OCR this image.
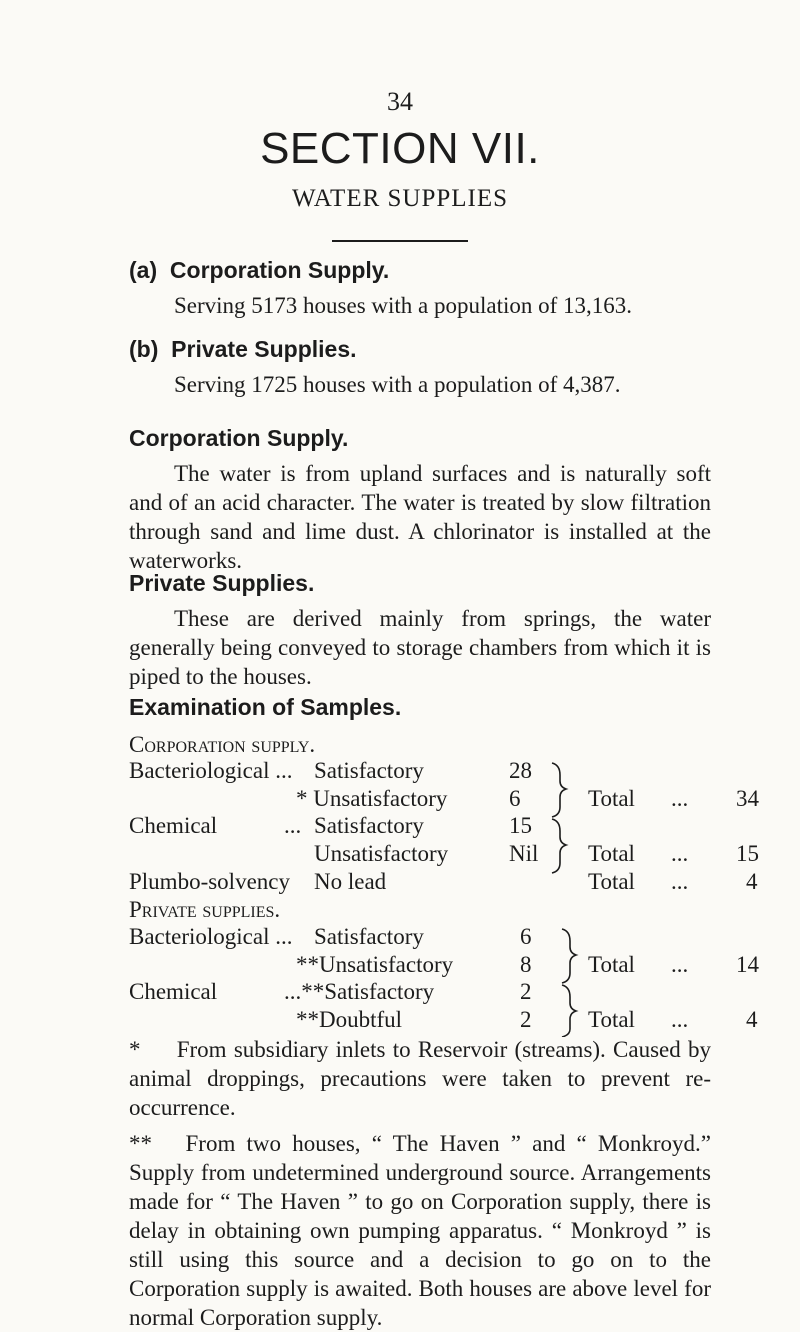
34
SECTION VII.
WATER SUPPLIES
(a) Corporation Supply.
Serving 5173 houses with a population of 13,163.
(b) Private Supplies.
Serving 1725 houses with a population of 4,387.
Corporation Supply.
The water is from upland surfaces and is naturally soft and of an acid character. The water is treated by slow filtration through sand and lime dust. A chlorinator is installed at the waterworks.
Private Supplies.
These are derived mainly from springs, the water generally being conveyed to storage chambers from which it is piped to the houses.
Examination of Samples.
Corporation supply.
Bacteriological ... Satisfactory	28
* Unsatisfactory	6	Total ... 34
Chemical	... Satisfactory	15
Unsatisfactory	Nil Total ... 15
Plumbo-solvency No lead	Total ...	4
Private supplies.
Bacteriological ... Satisfactory	6
**Unsatisfactory	8 Total ... 14
Chemical	...**Satisfactory	2
**Doubtful	2 Total ...	4
* From subsidiary inlets to Reservoir (streams). Caused by animal droppings, precautions were taken to prevent re-occurrence.
** From two houses, “ The Haven ” and “ Monkroyd.” Supply from undetermined underground source. Arrangements made for “ The Haven ” to go on Corporation supply, there is delay in obtaining own pumping apparatus. “ Monkroyd ” is still using this source and a decision to go on to the Corporation supply is awaited. Both houses are above level for normal Corporation supply.
